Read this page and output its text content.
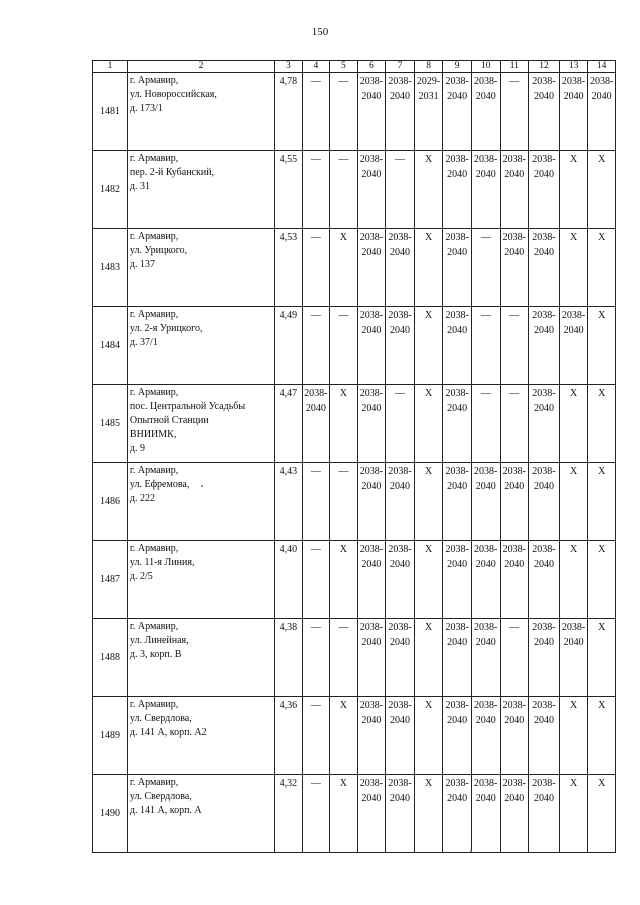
150
1	2	3	4	5	6	7	8	9	10	11	12	13	14
1481	г. Армавир,
ул. Новороссийская,
д. 173/1	4,78	—	—	2038-2040	2038-2040	2029-2031	2038-2040	2038-2040	—	2038-2040	2038-2040	2038-2040
1482	г. Армавир,
пер. 2-й Кубанский,
д. 31	4,55	—	—	2038-2040	—	X	2038-2040	2038-2040	2038-2040	2038-2040	X	X
1483	г. Армавир,
ул. Урицкого,
д. 137	4,53	—	X	2038-2040	2038-2040	X	2038-2040	—	2038-2040	2038-2040	X	X
1484	г. Армавир,
ул. 2-я Урицкого,
д. 37/1	4,49	—	—	2038-2040	2038-2040	X	2038-2040	—	—	2038-2040	2038-2040	X
1485	г. Армавир,
пос. Центральной Усадьбы
Опытной Станции
ВНИИМК,
д. 9	4,47	2038-2040	X	2038-2040	—	X	2038-2040	—	—	2038-2040	X	X
1486	г. Армавир,
ул. Ефремова,
д. 222	4,43	—	—	2038-2040	2038-2040	X	2038-2040	2038-2040	2038-2040	2038-2040	X	X
1487	г. Армавир,
ул. 11-я Линия,
д. 2/5	4,40	—	X	2038-2040	2038-2040	X	2038-2040	2038-2040	2038-2040	2038-2040	X	X
1488	г. Армавир,
ул. Линейная,
д. 3, корп. В	4,38	—	—	2038-2040	2038-2040	X	2038-2040	2038-2040	—	2038-2040	2038-2040	X
1489	г. Армавир,
ул. Свердлова,
д. 141 А, корп. А2	4,36	—	X	2038-2040	2038-2040	X	2038-2040	2038-2040	2038-2040	2038-2040	X	X
1490	г. Армавир,
ул. Свердлова,
д. 141 А, корп. А	4,32	—	X	2038-2040	2038-2040	X	2038-2040	2038-2040	2038-2040	2038-2040	X	X
